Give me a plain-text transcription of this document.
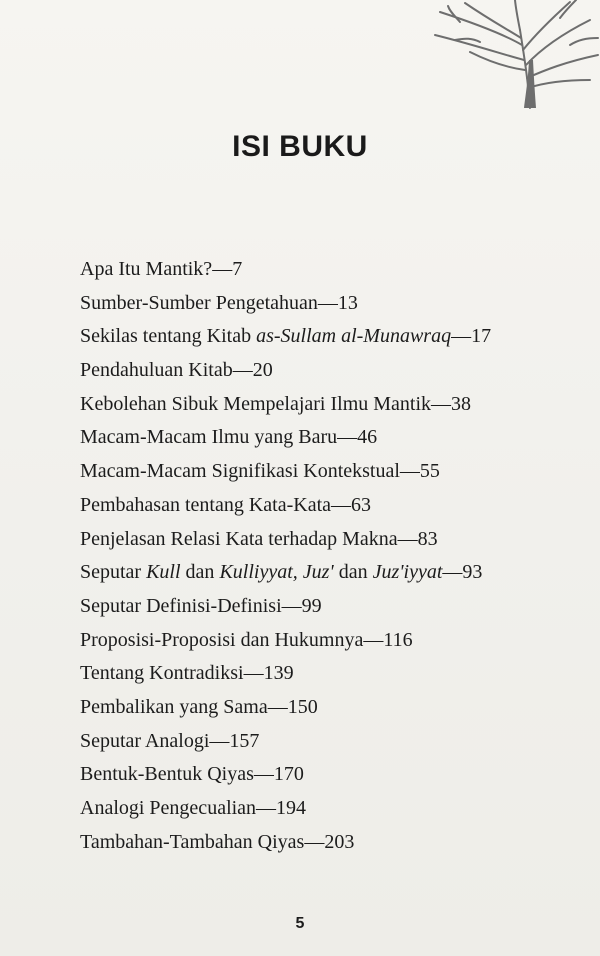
ISI BUKU
Apa Itu Mantik?—7
Sumber-Sumber Pengetahuan—13
Sekilas tentang Kitab as-Sullam al-Munawraq—17
Pendahuluan Kitab—20
Kebolehan Sibuk Mempelajari Ilmu Mantik—38
Macam-Macam Ilmu yang Baru—46
Macam-Macam Signifikasi Kontekstual—55
Pembahasan tentang Kata-Kata—63
Penjelasan Relasi Kata terhadap Makna—83
Seputar Kull dan Kulliyyat, Juz' dan Juz'iyyat—93
Seputar Definisi-Definisi—99
Proposisi-Proposisi dan Hukumnya—116
Tentang Kontradiksi—139
Pembalikan yang Sama—150
Seputar Analogi—157
Bentuk-Bentuk Qiyas—170
Analogi Pengecualian—194
Tambahan-Tambahan Qiyas—203
5
